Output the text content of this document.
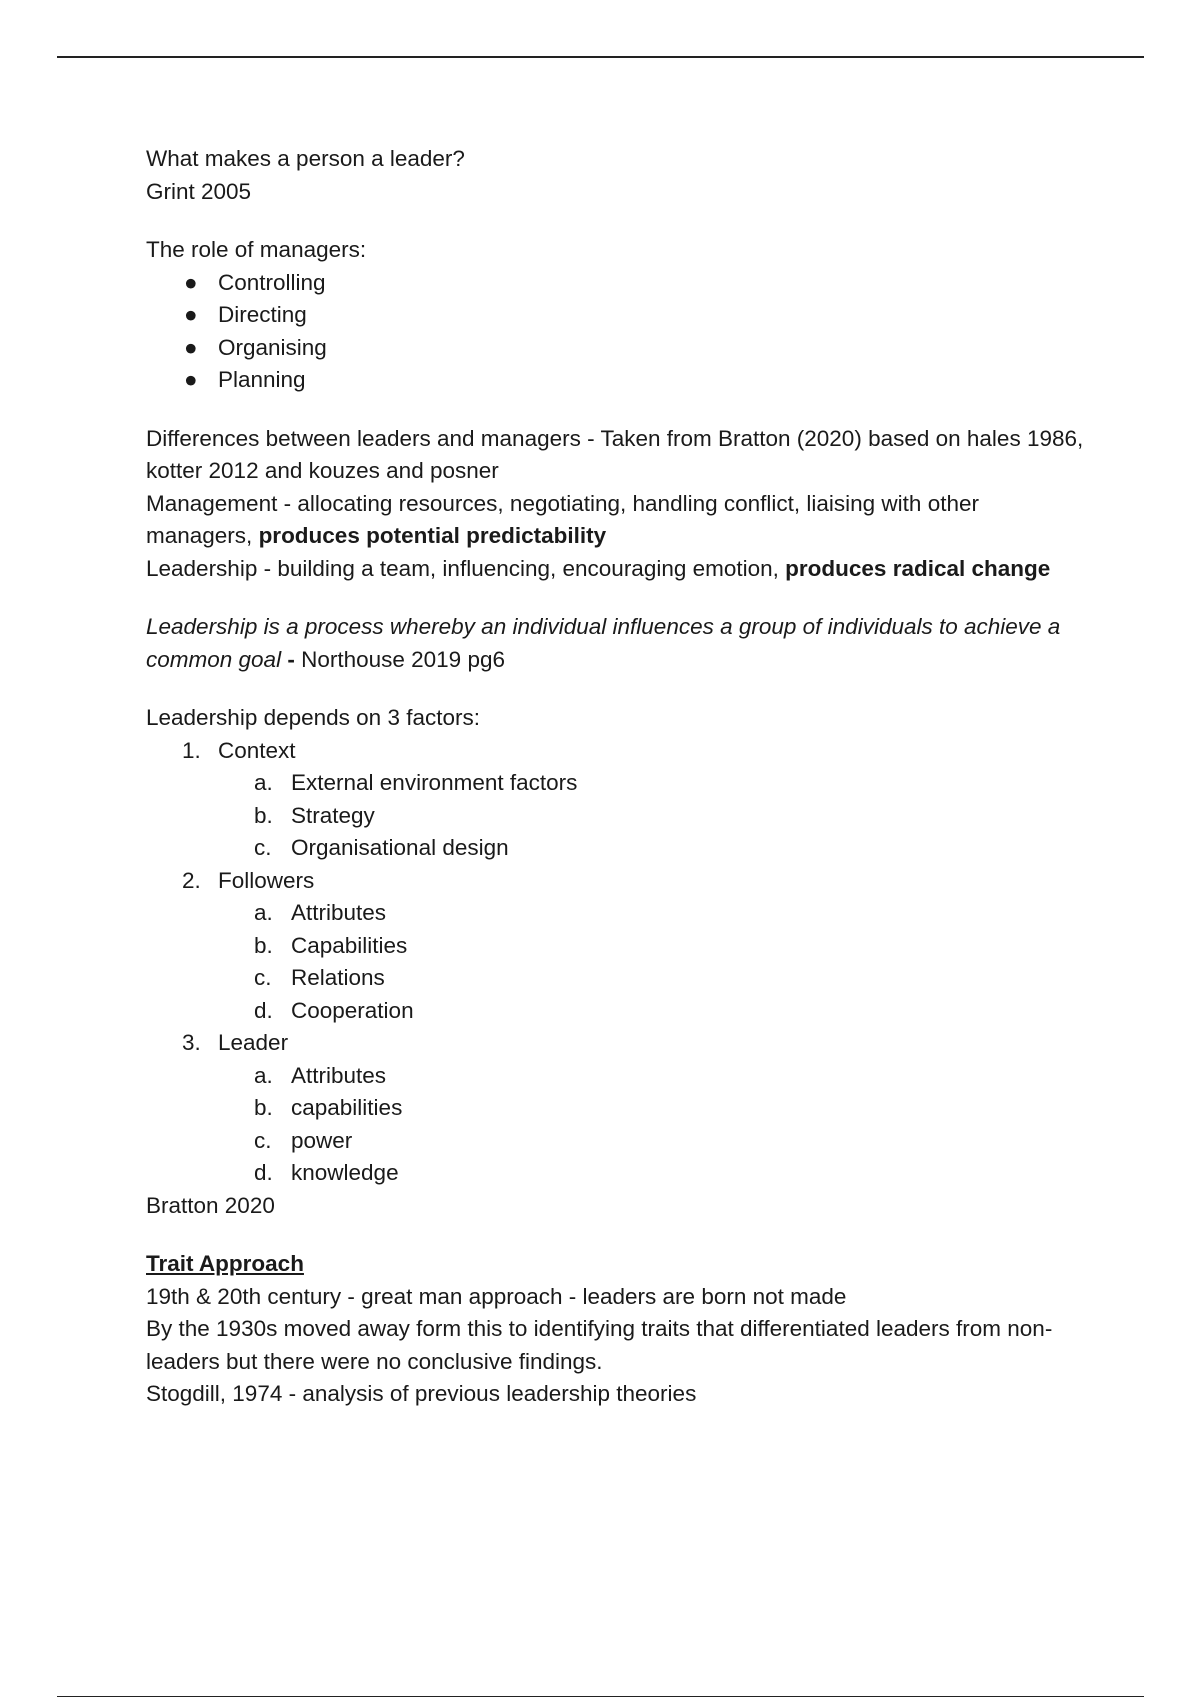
What makes a person a leader?

Grint 2005

The role of managers:

● Controlling
● Directing
● Organising
● Planning

Differences between leaders and managers - Taken from Bratton (2020) based on hales 1986, kotter 2012 and kouzes and posner

Management - allocating resources, negotiating, handling conflict, liaising with other managers, produces potential predictability

Leadership - building a team, influencing, encouraging emotion, produces radical change

Leadership is a process whereby an individual influences a group of individuals to achieve a common goal - Northouse 2019 pg6

Leadership depends on 3 factors:

1. Context
a. External environment factors
b. Strategy
c. Organisational design
2. Followers
a. Attributes
b. Capabilities
c. Relations
d. Cooperation
3. Leader
a. Attributes
b. capabilities
c. power
d. knowledge

Bratton 2020

Trait Approach

19th & 20th century - great man approach - leaders are born not made

By the 1930s moved away form this to identifying traits that differentiated leaders from non-leaders but there were no conclusive findings.

Stogdill, 1974 - analysis of previous leadership theories
